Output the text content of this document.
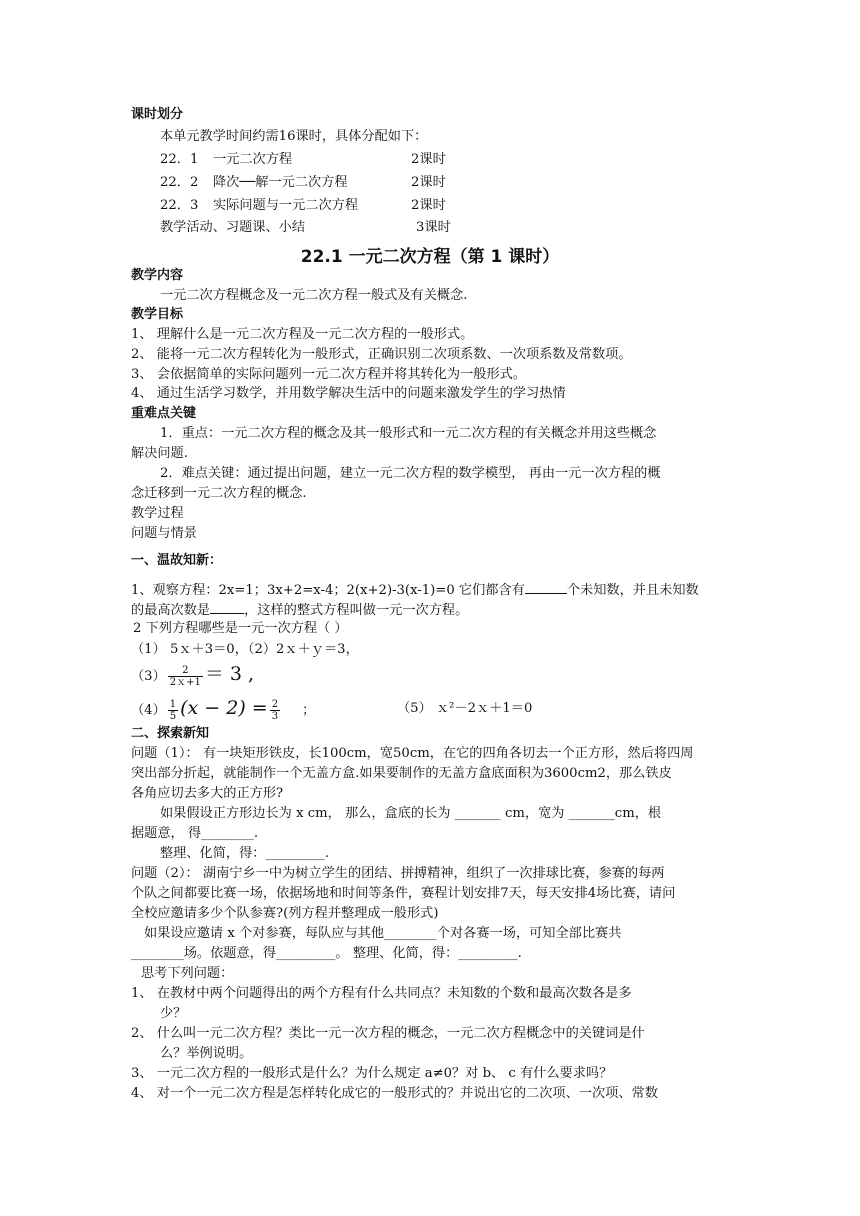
课时划分
本单元教学时间约需16课时，具体分配如下：
22．1 一元二次方程	2课时
22．2 降次──解一元二次方程	2课时
22．3 实际问题与一元二次方程	2课时
教学活动、习题课、小结	3课时
22.1 一元二次方程（第 1 课时）
教学内容
一元二次方程概念及一元二次方程一般式及有关概念.
教学目标
1、 理解什么是一元二次方程及一元二次方程的一般形式。
2、 能将一元二次方程转化为一般形式，正确识别二次项系数、一次项系数及常数项。
3、 会依据简单的实际问题列一元二次方程并将其转化为一般形式。
4、 通过生活学习数学，并用数学解决生活中的问题来激发学生的学习热情
重难点关键
1．重点：一元二次方程的概念及其一般形式和一元二次方程的有关概念并用这些概念
解决问题.
2．难点关键：通过提出问题，建立一元二次方程的数学模型， 再由一元一次方程的概
念迁移到一元二次方程的概念.
教学过程
问题与情景
一、温故知新：
1、观察方程：2x=1；3x+2=x-4；2(x+2)-3(x-1)=0 它们都含有	个未知数，并且未知数
的最高次数是	，这样的整式方程叫做一元一次方程。
2 下列方程哪些是一元一次方程（ ）
（1） 5ｘ＋3＝0，（2）2ｘ＋ｙ＝3，
$(3) \frac{2}{\text{2ｘ+1}} = 3$ ,
$(4) \frac{1}{5} (x - 2) = \frac{2}{3}$ ；	（5） ｘ²－2ｘ＋1＝0
二、探索新知
问题（1）： 有一块矩形铁皮，长100cm，宽50cm，在它的四角各切去一个正方形，然后将四周
突出部分折起，就能制作一个无盖方盒.如果要制作的无盖方盒底面积为3600cm2，那么铁皮
各角应切去多大的正方形?
如果假设正方形边长为 x cm， 那么，盒底的长为 _______ cm，宽为 _______cm，根
据题意， 得________.
整理、化简，得：_________.
问题（2）： 湖南宁乡一中为树立学生的团结、拼搏精神，组织了一次排球比赛，参赛的每两
个队之间都要比赛一场，依据场地和时间等条件，赛程计划安排7天，每天安排4场比赛，请问
全校应邀请多少个队参赛?(列方程并整理成一般形式)
如果设应邀请 x 个对参赛，每队应与其他________个对各赛一场，可知全部比赛共
________场。依题意，得_________。 整理、化简，得：_________.
思考下列问题：
1、 在教材中两个问题得出的两个方程有什么共同点？未知数的个数和最高次数各是多
少？
2、 什么叫一元二次方程？类比一元一次方程的概念，一元二次方程概念中的关键词是什
么？举例说明。
3、 一元二次方程的一般形式是什么？为什么规定 a≠0？对 b、 c 有什么要求吗？
4、 对一个一元二次方程是怎样转化成它的一般形式的？并说出它的二次项、一次项、常数
